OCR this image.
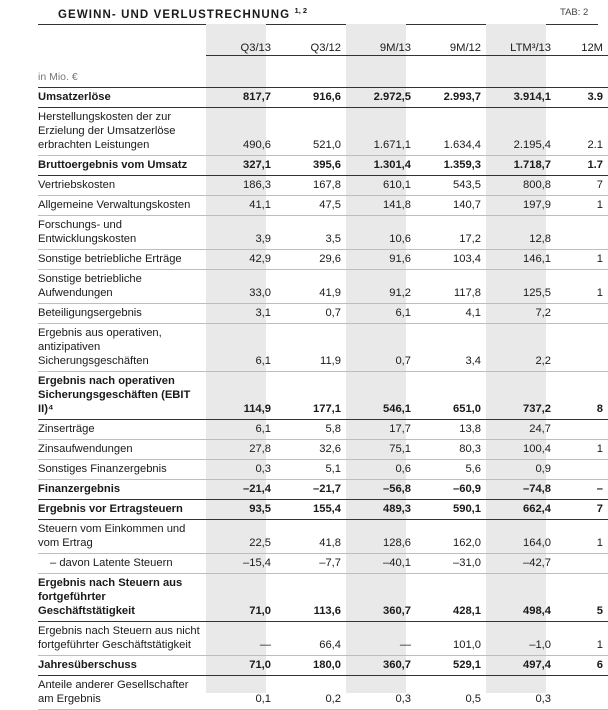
GEWINN- UND VERLUSTRECHNUNG $^{1, 2}$	TAB: 2
	Q3/13	Q3/12	9M/13	9M/12	LTM³/13	12M
in Mio. €						
Umsatzerlöse	817,7	916,6	2.972,5	2.993,7	3.914,1	3.9
Herstellungskosten der zur Erzielung der Umsatzerlöse erbrachten Leistungen	490,6	521,0	1.671,1	1.634,4	2.195,4	2.1
Bruttoergebnis vom Umsatz	327,1	395,6	1.301,4	1.359,3	1.718,7	1.7
Vertriebskosten	186,3	167,8	610,1	543,5	800,8	7
Allgemeine Verwaltungskosten	41,1	47,5	141,8	140,7	197,9	1
Forschungs- und Entwicklungskosten	3,9	3,5	10,6	17,2	12,8	
Sonstige betriebliche Erträge	42,9	29,6	91,6	103,4	146,1	1
Sonstige betriebliche Aufwendungen	33,0	41,9	91,2	117,8	125,5	1
Beteiligungsergebnis	3,1	0,7	6,1	4,1	7,2	
Ergebnis aus operativen, antizipativen Sicherungsgeschäften	6,1	11,9	0,7	3,4	2,2	
Ergebnis nach operativen Sicherungsgeschäften (EBIT II)⁴	114,9	177,1	546,1	651,0	737,2	8
Zinserträge	6,1	5,8	17,7	13,8	24,7	
Zinsaufwendungen	27,8	32,6	75,1	80,3	100,4	1
Sonstiges Finanzergebnis	0,3	5,1	0,6	5,6	0,9	
Finanzergebnis	–21,4	–21,7	–56,8	–60,9	–74,8	–
Ergebnis vor Ertragsteuern	93,5	155,4	489,3	590,1	662,4	7
Steuern vom Einkommen und vom Ertrag	22,5	41,8	128,6	162,0	164,0	1
– davon Latente Steuern	–15,4	–7,7	–40,1	–31,0	–42,7	
Ergebnis nach Steuern aus fortgeführter Geschäftstätigkeit	71,0	113,6	360,7	428,1	498,4	5
Ergebnis nach Steuern aus nicht fortgeführter Geschäftstätigkeit	—	66,4	—	101,0	–1,0	1
Jahresüberschuss	71,0	180,0	360,7	529,1	497,4	6
Anteile anderer Gesellschafter am Ergebnis	0,1	0,2	0,3	0,5	0,3	
